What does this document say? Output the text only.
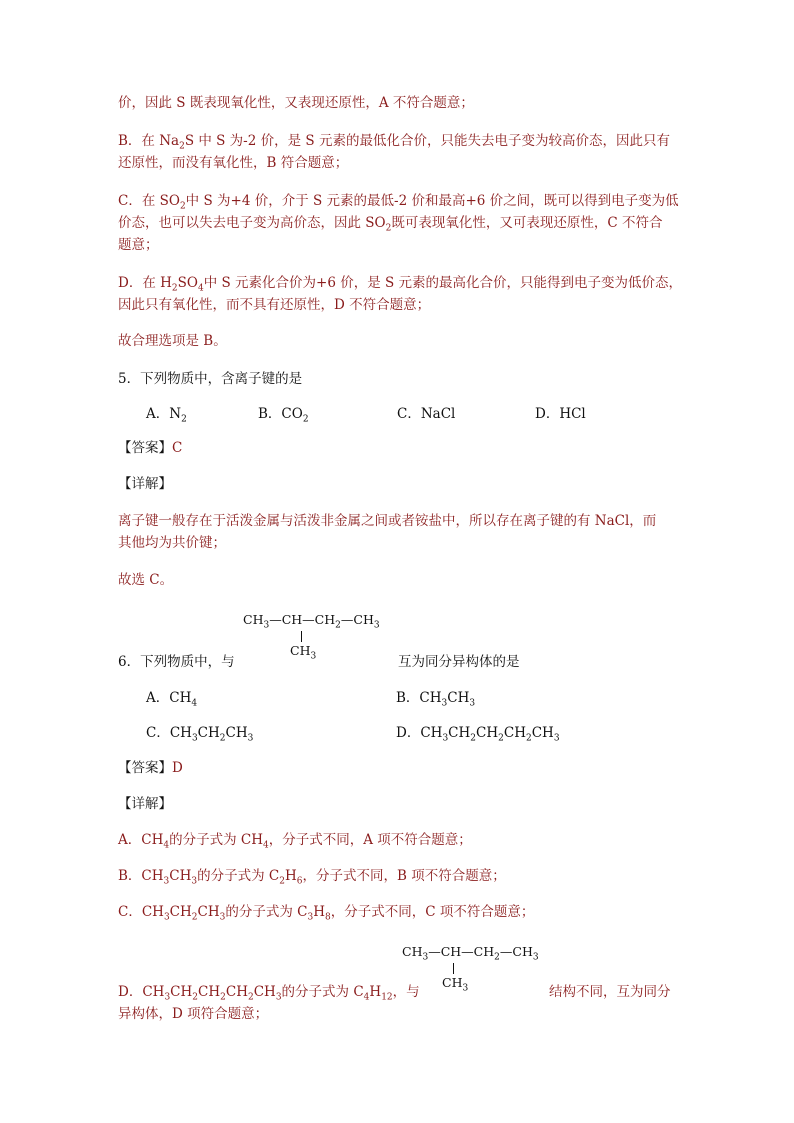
价，因此 S 既表现氧化性，又表现还原性，A 不符合题意；
B．在 $Na_2S$ 中 S 为-2 价，是 S 元素的最低化合价，只能失去电子变为较高价态，因此只有
还原性，而没有氧化性，B 符合题意；
C．在 $SO_2$中 S 为+4 价，介于 S 元素的最低-2 价和最高+6 价之间，既可以得到电子变为低
价态，也可以失去电子变为高价态，因此 $SO_2$既可表现氧化性，又可表现还原性，C 不符合
题意；
D．在 $H_2SO_4$中 S 元素化合价为+6 价，是 S 元素的最高化合价，只能得到电子变为低价态，
因此只有氧化性，而不具有还原性，D 不符合题意；
故合理选项是 B。
5．下列物质中，含离子键的是
A．$N_2$	B．$CO_2$	C．NaCl	D．HCl
【答案】C
【详解】
离子键一般存在于活泼金属与活泼非金属之间或者铵盐中，所以存在离子键的有 NaCl，而
其他均为共价键；
故选 C。
$CH_3—CH—CH_2—CH_3$
$CH_3$
6．下列物质中，与	互为同分异构体的是
A．$CH_4$	B．$CH_3CH_3$
C．$CH_3CH_2CH_3$	D．$CH_3CH_2CH_2CH_2CH_3$
【答案】D
【详解】
A．$CH_4$的分子式为 $CH_4$，分子式不同，A 项不符合题意；
B．$CH_3CH_3$的分子式为 $C_2H_6$，分子式不同，B 项不符合题意；
C．$CH_3CH_2CH_3$的分子式为 $C_3H_8$，分子式不同，C 项不符合题意；
$CH_3—CH—CH_2—CH_3$
$CH_3$
D．$CH_3CH_2CH_2CH_2CH_3$的分子式为 $C_4H_{12}$，与	结构不同，互为同分
异构体，D 项符合题意；
